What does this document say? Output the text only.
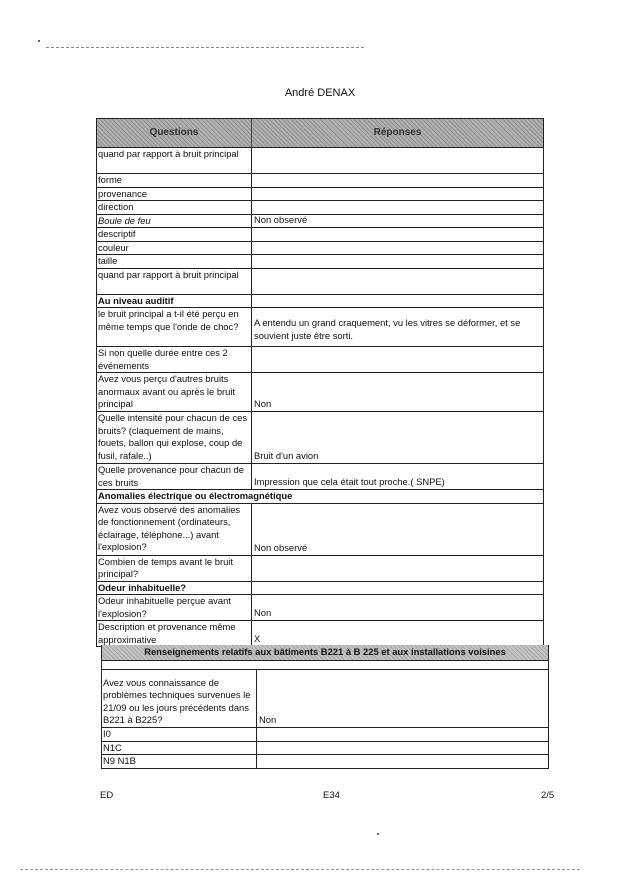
André DENAX
Questions	Réponses
quand par rapport à bruit principal
forme
provenance
direction
Boule de feu	Non observé
descriptif
couleur
taille
quand par rapport à bruit principal
Au niveau auditif
le bruit principal a t-il été perçu en même temps que l'onde de choc?	A entendu un grand craquement, vu les vitres se déformer, et se souvient juste être sorti.
Si non quelle durée entre ces 2 événements
Avez vous perçu d'autres bruits anormaux avant ou après le bruit principal	Non
Quelle intensité pour chacun de ces bruits? (claquement de mains, fouets, ballon qui explose, coup de fusil, rafale..)	Bruit d'un avion
Quelle provenance pour chacun de ces bruits	Impression que cela était tout proche.( SNPE)
Anomalies électrique ou électromagnétique
Avez vous observé des anomalies de fonctionnement (ordinateurs, éclairage, téléphone...) avant l'explosion?	Non observé
Combien de temps avant le bruit principal?
Odeur inhabituelle?
Odeur inhabituelle perçue avant l'explosion?	Non
Description et provenance même approximative	X
Renseignements relatifs aux bâtiments B221 à B 225 et aux installations voisines
Avez vous connaissance de problèmes techniques survenues le 21/09 ou les jours précédents dans B221 à B225?	Non
I0
N1C
N9 N1B
ED	E34	2/5
